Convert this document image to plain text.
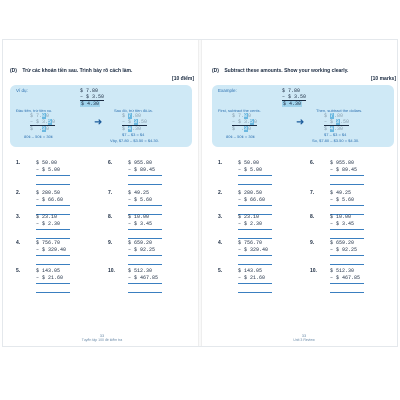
(D) Trừ các khoản tiền sau. Trình bày rõ cách làm.
[10 điểm]
Ví dụ:	$ 7.80
– $ 3.50
$ 4.30
Đầu tiên, trừ tiền xu.	Sau đó, trừ tiền đô-la.
$ 7.80
– $ 3.50
$  .30
➜
$ 7.80
– $ 3.50
$ 4.30
80¢ – 50¢ = 30¢	$7 – $3 = $4
Vậy, $7.80 – $3.50 = $4.30.
1.	$ 50.00
– $ 5.00
2.	$ 280.50
– $ 66.60
3.	$ 23.10
– $ 2.30
4.	$ 756.70
– $ 329.40
5.	$ 143.05
– $ 21.60
6.	$ 955.80
– $ 89.45
7.	$ 49.25
– $ 5.60
8.	$ 10.00
– $ 3.45
9.	$ 659.20
– $ 92.25
10.	$ 512.30
– $ 467.85
33
Tuyển tập 100 đề kiểm tra
(D) Subtract these amounts. Show your working clearly.
[10 marks]
Example:	$ 7.80
– $ 3.50
$ 4.30
First, subtract the cents.	Then, subtract the dollars.
$ 7.80
– $ 3.50
$  .30
➜
$ 7.80
– $ 3.50
$ 4.30
80¢ – 50¢ = 30¢	$7 – $3 = $4
So, $7.80 – $3.50 = $4.30.
1.	$ 50.00
– $ 5.00
2.	$ 280.50
– $ 66.60
3.	$ 23.10
– $ 2.30
4.	$ 756.70
– $ 329.40
5.	$ 143.05
– $ 21.60
6.	$ 955.80
– $ 89.45
7.	$ 49.25
– $ 5.60
8.	$ 10.00
– $ 3.45
9.	$ 659.20
– $ 92.25
10.	$ 512.30
– $ 467.85
33
Unit 3 Review
